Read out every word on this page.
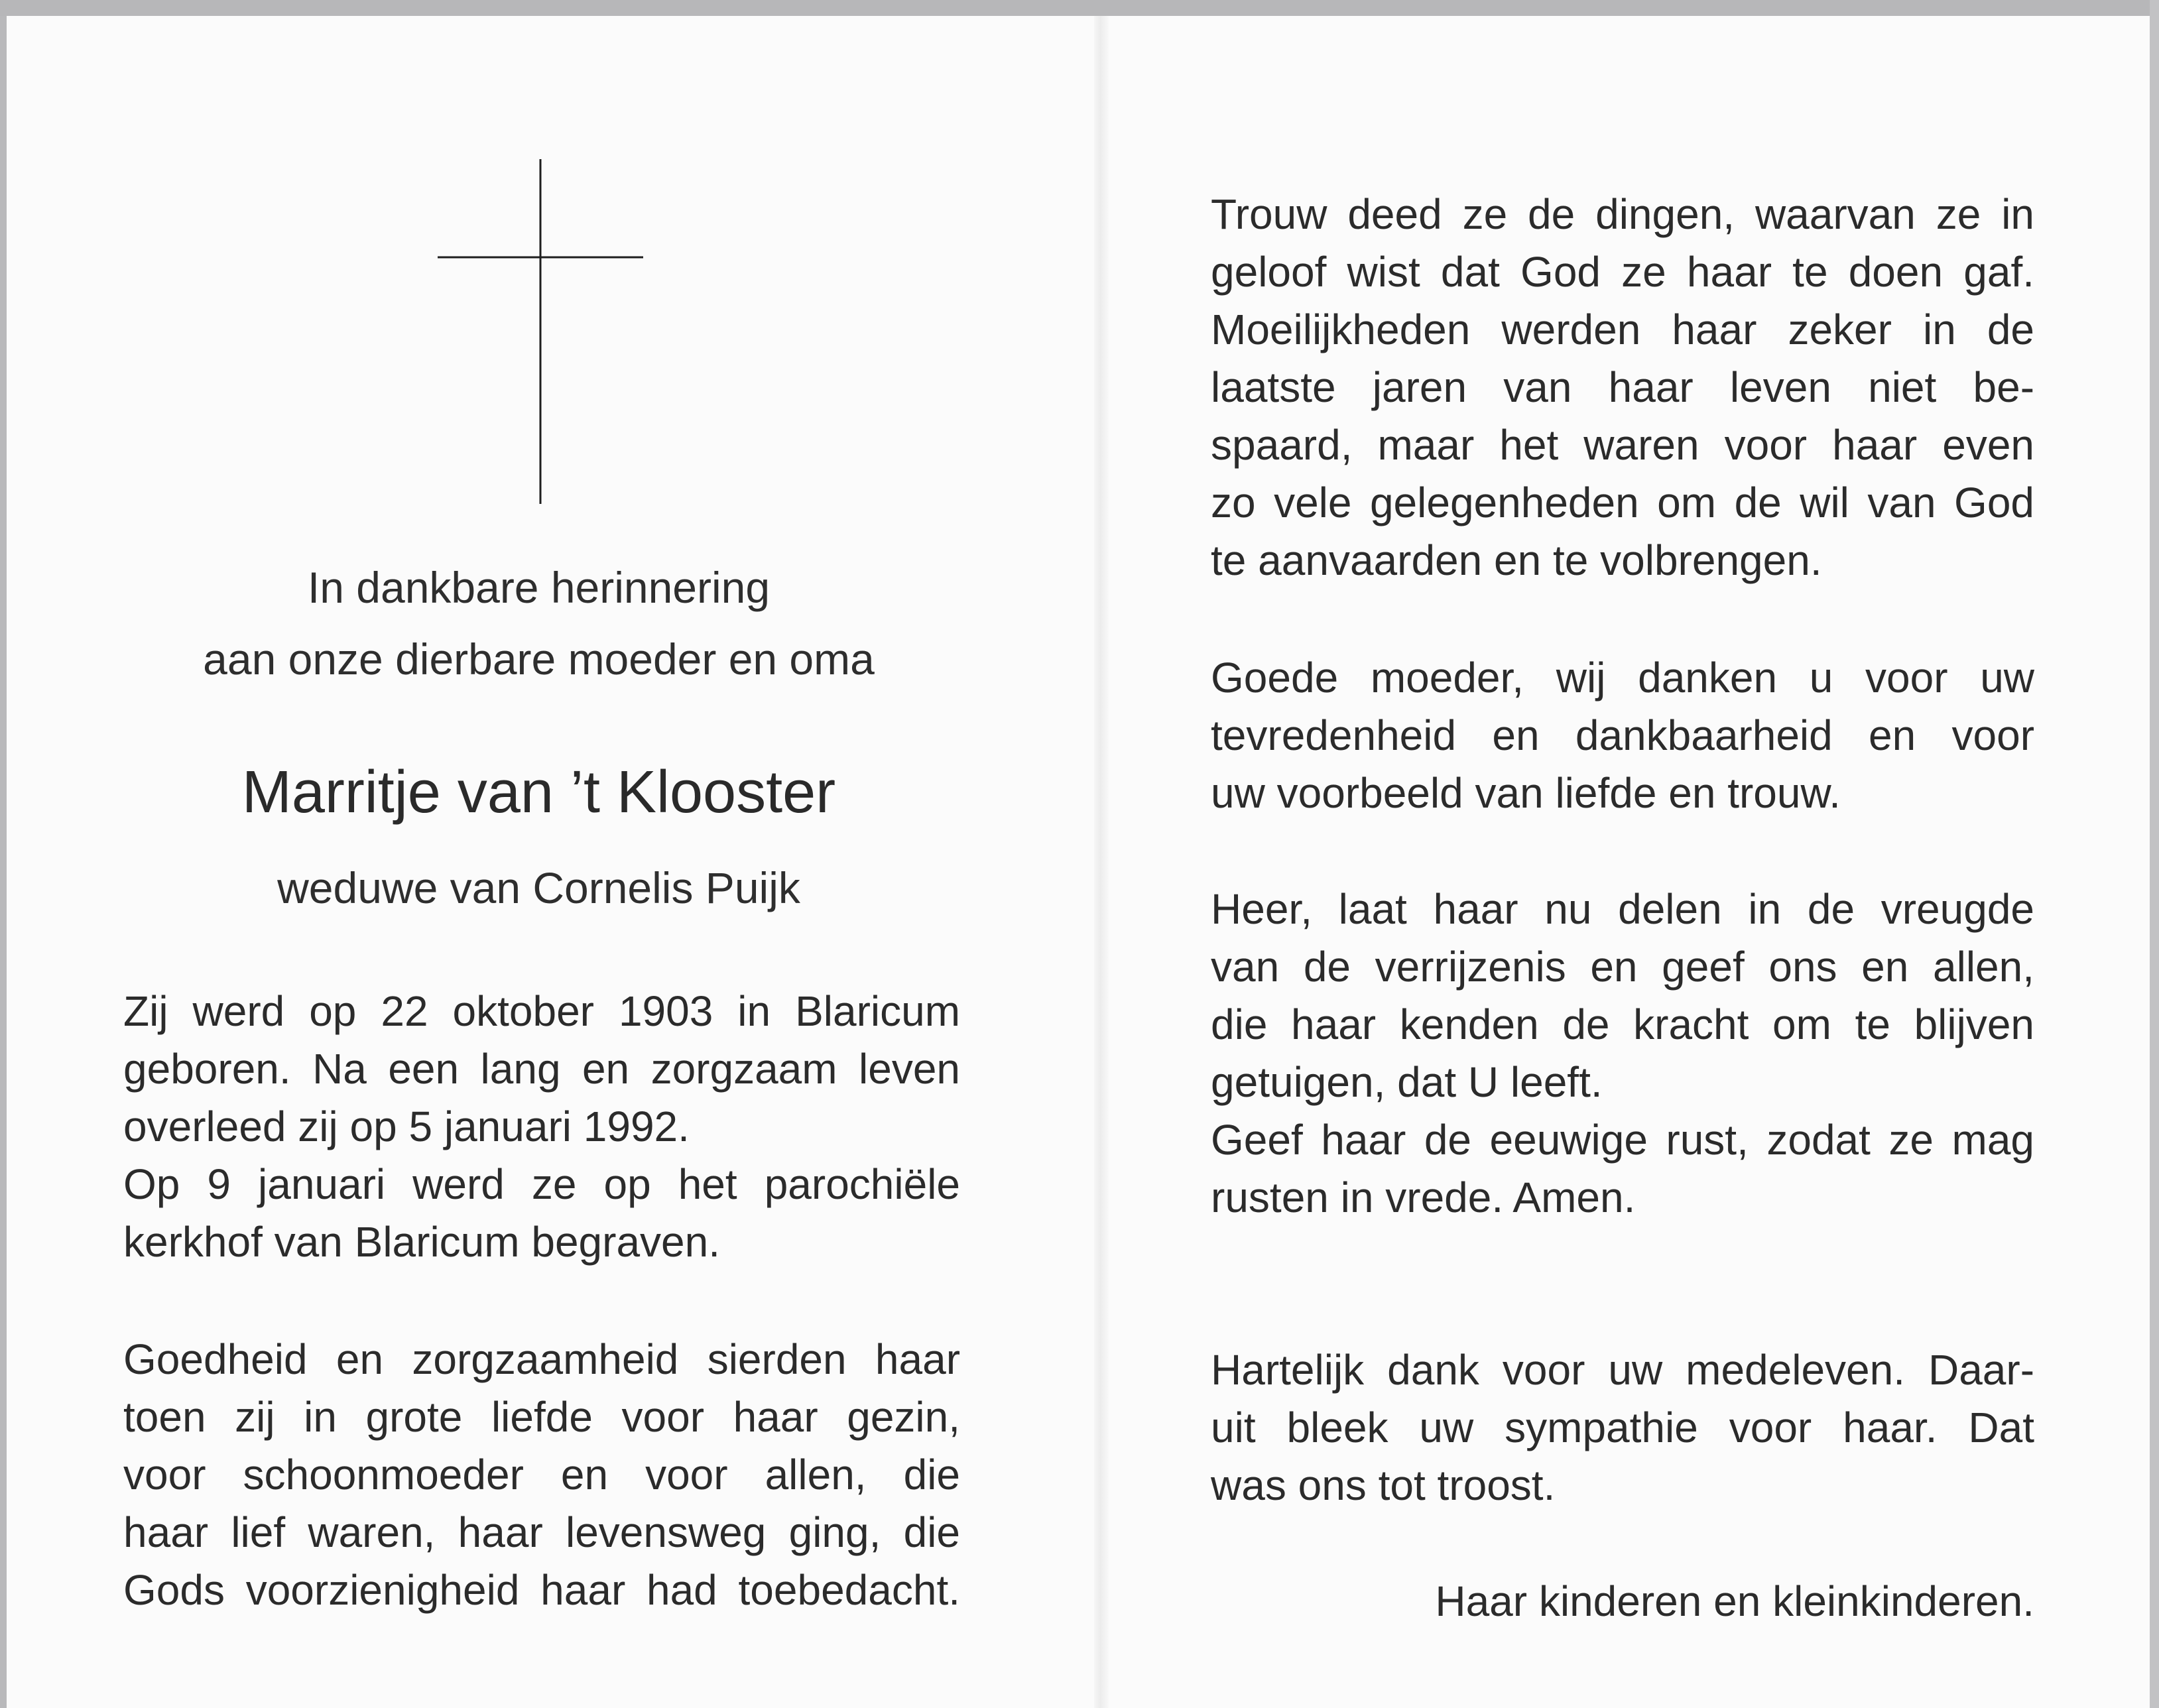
In dankbare herinnering
aan onze dierbare moeder en oma
Marritje van ’t Klooster
weduwe van Cornelis Puijk
Zij werd op 22 oktober 1903 in Blaricum
geboren. Na een lang en zorgzaam leven
overleed zij op 5 januari 1992.
Op 9 januari werd ze op het parochiële
kerkhof van Blaricum begraven.
Goedheid en zorgzaamheid sierden haar
toen zij in grote liefde voor haar gezin,
voor schoonmoeder en voor allen, die
haar lief waren, haar levensweg ging, die
Gods voorzienigheid haar had toebedacht.
Trouw deed ze de dingen, waarvan ze in
geloof wist dat God ze haar te doen gaf.
Moeilijkheden werden haar zeker in de
laatste jaren van haar leven niet be-
spaard, maar het waren voor haar even
zo vele gelegenheden om de wil van God
te aanvaarden en te volbrengen.
Goede moeder, wij danken u voor uw
tevredenheid en dankbaarheid en voor
uw voorbeeld van liefde en trouw.
Heer, laat haar nu delen in de vreugde
van de verrijzenis en geef ons en allen,
die haar kenden de kracht om te blijven
getuigen, dat U leeft.
Geef haar de eeuwige rust, zodat ze mag
rusten in vrede. Amen.
Hartelijk dank voor uw medeleven. Daar-
uit bleek uw sympathie voor haar. Dat
was ons tot troost.
Haar kinderen en kleinkinderen.
